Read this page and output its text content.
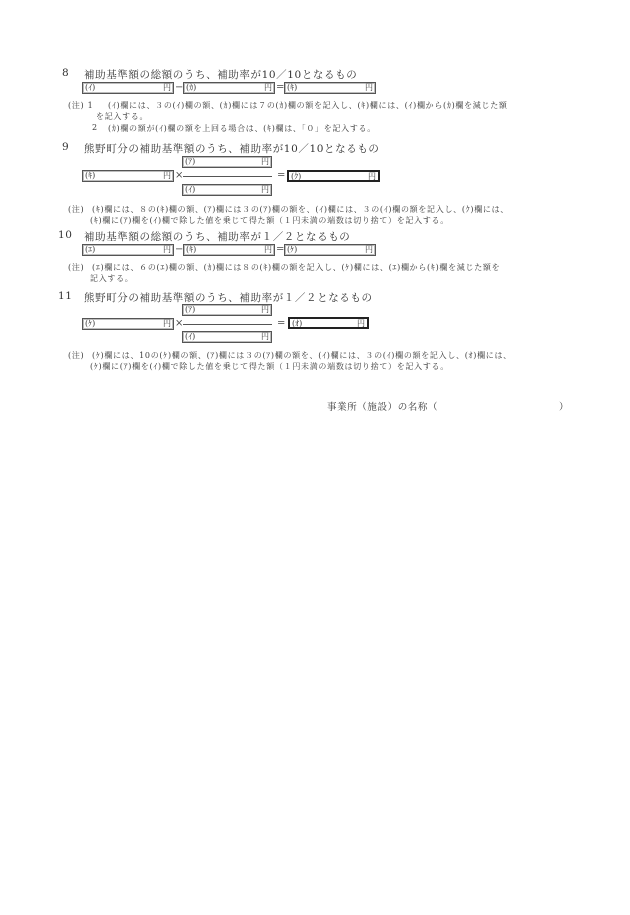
8 補助基準額の総額のうち、補助率が10／10となるもの
(ｲ)	円 − (ｶ)	円 = (ｷ)	円
(注) 1 (ｲ)欄には、３の(ｲ)欄の額、(ｶ)欄には７の(ｶ)欄の額を記入し、(ｷ)欄には、(ｲ)欄から(ｶ)欄を減じた額
を記入する。
2 (ｶ)欄の額が(ｲ)欄の額を上回る場合は、(ｷ)欄は、「０」を記入する。
9 熊野町分の補助基準額のうち、補助率が10／10となるもの
(ｷ)	円 ×
(ｱ)	円
(ｲ)	円
= (ｸ)	円
(注) (ｷ)欄には、８の(ｷ)欄の額、(ｱ)欄には３の(ｱ)欄の額を、(ｲ)欄には、３の(ｲ)欄の額を記入し、(ｸ)欄には、
(ｷ)欄に(ｱ)欄を(ｲ)欄で除した値を乗じて得た額（１円未満の端数は切り捨て）を記入する。
10 補助基準額の総額のうち、補助率が１／２となるもの
(ｴ)	円 − (ｷ)	円 = (ｹ)	円
(注) (ｴ)欄には、６の(ｴ)欄の額、(ｶ)欄には８の(ｷ)欄の額を記入し、(ｹ)欄には、(ｴ)欄から(ｷ)欄を減じた額を
記入する。
11 熊野町分の補助基準額のうち、補助率が１／２となるもの
(ｹ)	円 ×
(ｱ)	円
(ｲ)	円
= (ｵ)	円
(注) (ｹ)欄には、10の(ｹ)欄の額、(ｱ)欄には３の(ｱ)欄の額を、(ｲ)欄には、３の(ｲ)欄の額を記入し、(ｵ)欄には、
(ｹ)欄に(ｱ)欄を(ｲ)欄で除した値を乗じて得た額（１円未満の端数は切り捨て）を記入する。
事業所（施設）の名称（	）
